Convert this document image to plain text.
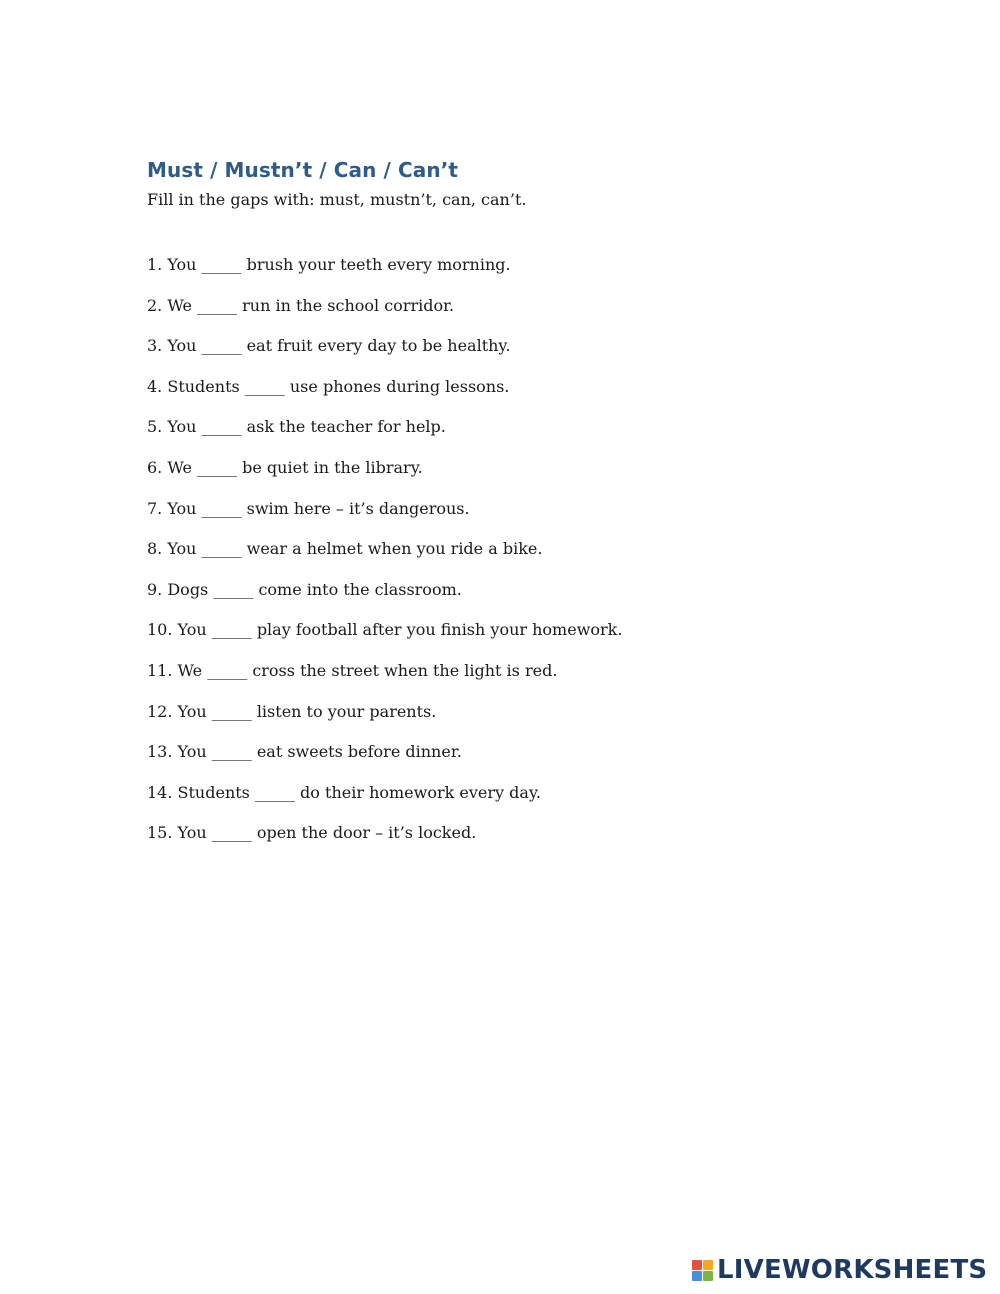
Must / Mustn’t / Can / Can’t

Fill in the gaps with: must, mustn’t, can, can’t.

1. You _____ brush your teeth every morning.
2. We _____ run in the school corridor.
3. You _____ eat fruit every day to be healthy.
4. Students _____ use phones during lessons.
5. You _____ ask the teacher for help.
6. We _____ be quiet in the library.
7. You _____ swim here – it’s dangerous.
8. You _____ wear a helmet when you ride a bike.
9. Dogs _____ come into the classroom.
10. You _____ play football after you finish your homework.
11. We _____ cross the street when the light is red.
12. You _____ listen to your parents.
13. You _____ eat sweets before dinner.
14. Students _____ do their homework every day.
15. You _____ open the door – it’s locked.
LIVEWORKSHEETS
